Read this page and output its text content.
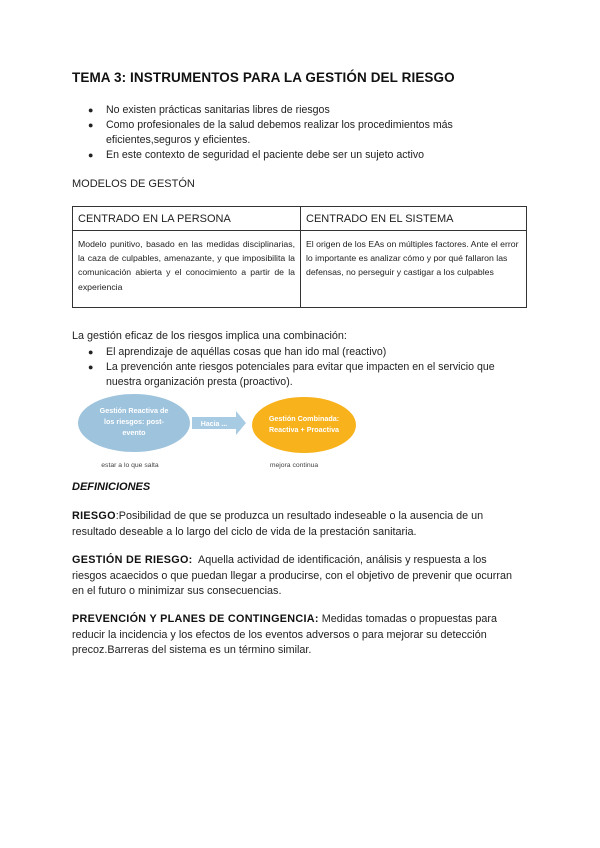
TEMA 3: INSTRUMENTOS PARA LA GESTIÓN DEL RIESGO
● No existen prácticas sanitarias libres de riesgos
● Como profesionales de la salud debemos realizar los procedimientos más eficientes,seguros y eficientes.
● En este contexto de seguridad el paciente debe ser un sujeto activo

MODELOS DE GESTÓN

CENTRADO EN LA PERSONA	CENTRADO EN EL SISTEMA
Modelo punitivo, basado en las medidas disciplinarias, la caza de culpables, amenazante, y que imposibilita la comunicación abierta y el conocimiento a partir de la experiencia	El origen de los EAs on múltiples factores. Ante el error lo importante es analizar cómo y por qué fallaron las defensas, no perseguir y castigar a los culpables

La gestión eficaz de los riesgos implica una combinación:

● El aprendizaje de aquéllas cosas que han ido mal (reactivo)
● La prevención ante riesgos potenciales para evitar que impacten en el servicio que nuestra organización presta (proactivo).
Gestión Reactiva de
los riesgos: post-
evento
Hacia ...
Gestión Combinada:
Reactiva + Proactiva
estar a lo que salta	mejora continua

DEFINICIONES

RIESGO:Posibilidad de que se produzca un resultado indeseable o la ausencia de un resultado deseable a lo largo del ciclo de vida de la prestación sanitaria.

GESTIÓN DE RIESGO: Aquella actividad de identificación, análisis y respuesta a los riesgos acaecidos o que puedan llegar a producirse, con el objetivo de prevenir que ocurran en el futuro o minimizar sus consecuencias.

PREVENCIÓN Y PLANES DE CONTINGENCIA: Medidas tomadas o propuestas para reducir la incidencia y los efectos de los eventos adversos o para mejorar su detección precoz.Barreras del sistema es un término similar.
